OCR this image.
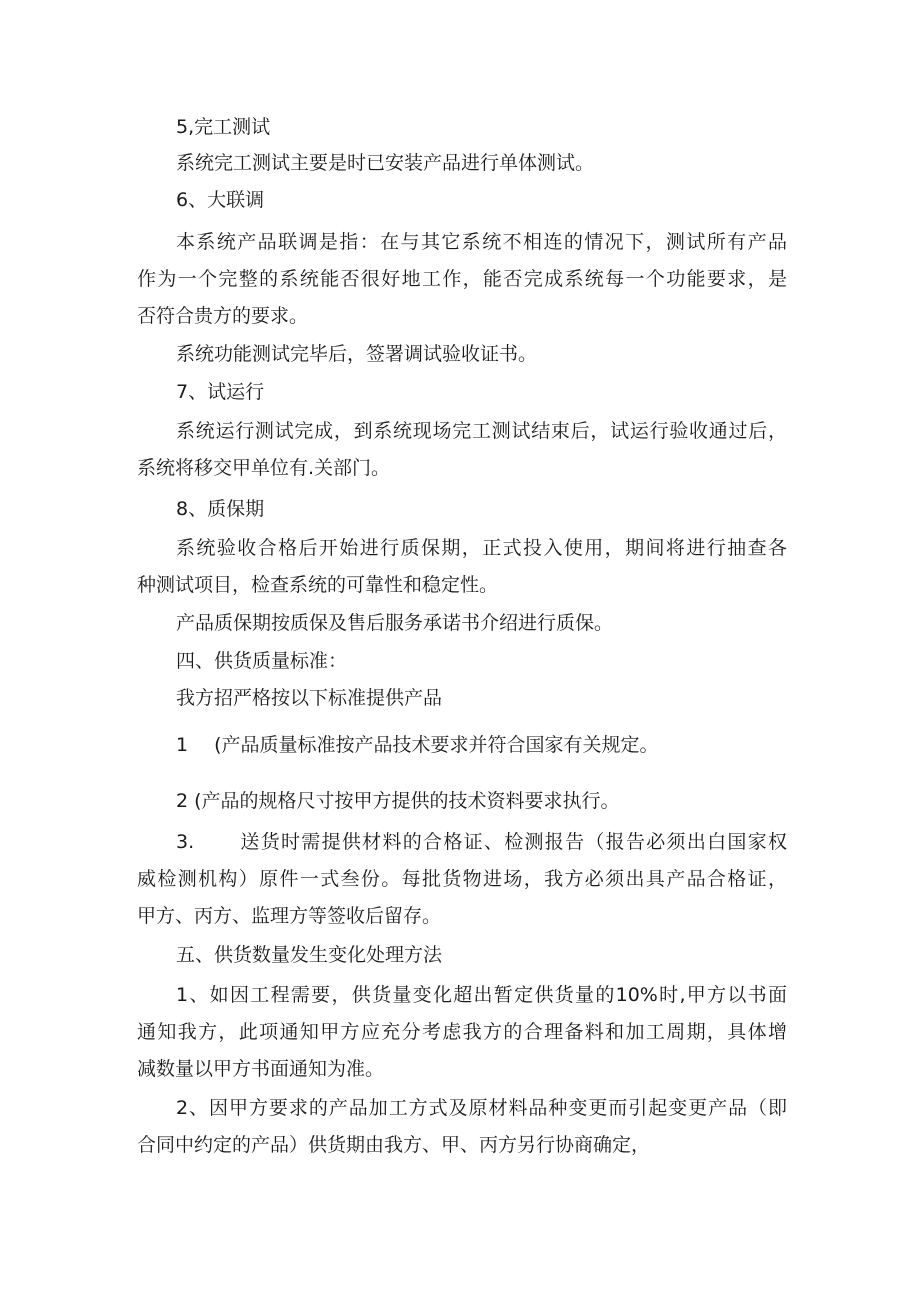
5,完工测试
系统完工测试主要是时已安装产品进行单体测试。
6、大联调
本系统产品联调是指：在与其它系统不相连的情况下，测试所有产品
作为一个完整的系统能否很好地工作，能否完成系统每一个功能要求，是
否符合贵方的要求。
系统功能测试完毕后，签署调试验收证书。
7、试运行
系统运行测试完成，到系统现场完工测试结束后，试运行验收通过后，
系统将移交甲单位有.关部门。
8、质保期
系统验收合格后开始进行质保期，正式投入使用，期间将进行抽查各
种测试项目，检查系统的可靠性和稳定性。
产品质保期按质保及售后服务承诺书介绍进行质保。
四、供货质量标准：
我方招严格按以下标准提供产品
1 (产品质量标准按产品技术要求并符合国家有关规定。
2 (产品的规格尺寸按甲方提供的技术资料要求执行。
3. 送货时需提供材料的合格证、检测报告（报告必须出白国家权
威检测机构）原件一式叁份。每批货物进场，我方必须出具产品合格证，
甲方、丙方、监理方等签收后留存。
五、供货数量发生变化处理方法
1、如因工程需要，供货量变化超出暂定供货量的10%时,甲方以书面
通知我方，此项通知甲方应充分考虑我方的合理备料和加工周期，具体增
减数量以甲方书面通知为准。
2、因甲方要求的产品加工方式及原材料品种变更而引起变更产品（即
合同中约定的产品）供货期由我方、甲、丙方另行协商确定，
